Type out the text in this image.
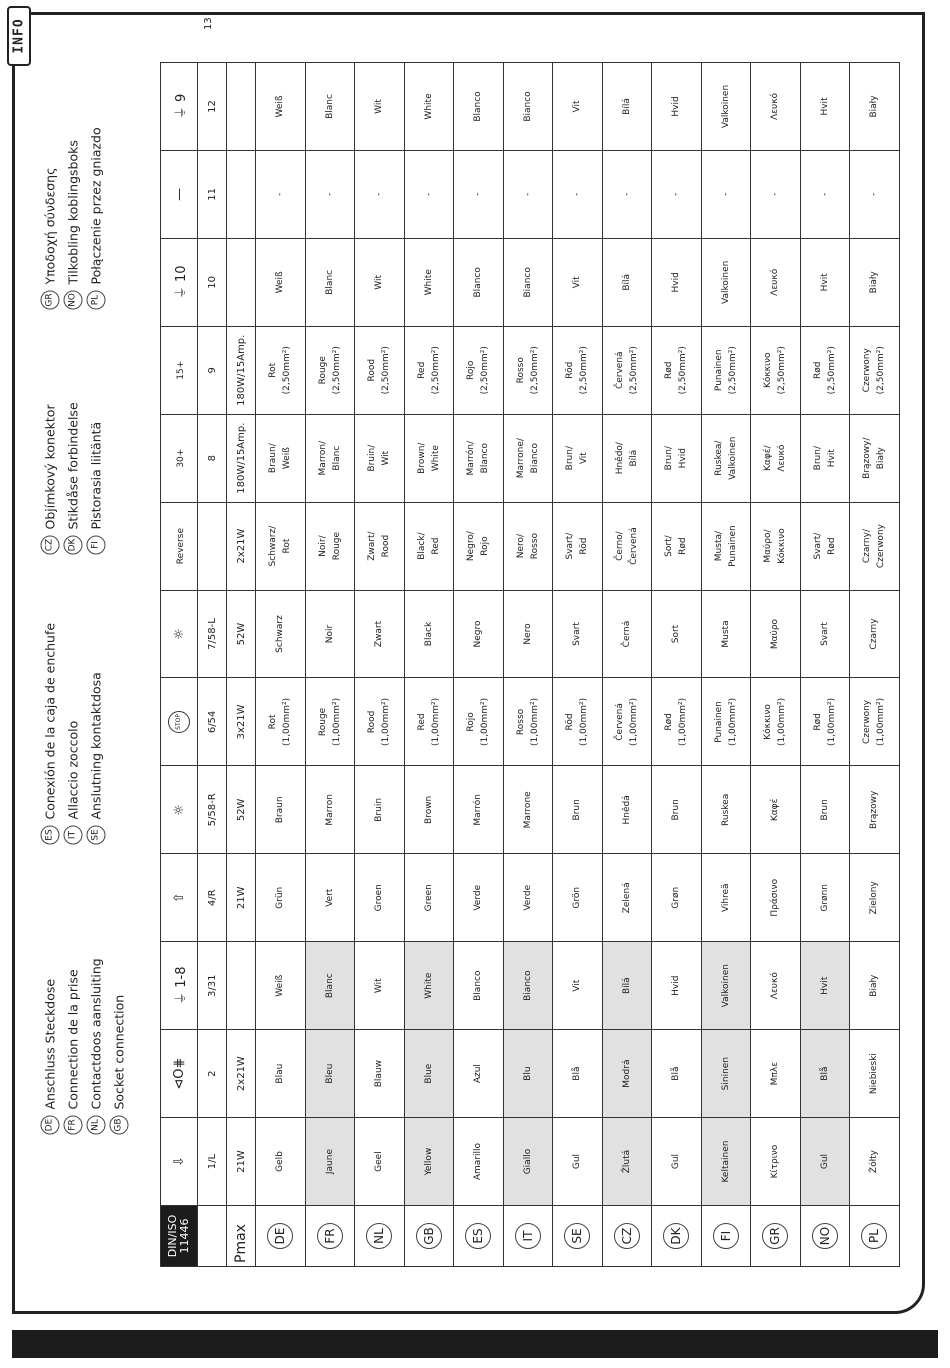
INFO	13
DE
Anschluss Steckdose
FR
Connection de la prise
NL
Contactdoos aansluiting
GB
Socket connection
ES
Conexión de la caja de enchufe
IT
Allaccio zoccolo
SE
Anslutning kontaktdosa
CZ
Objímkový konektor
DK
Stikdåse forbindelse
FI
Pistorasia liitäntä
GR
Υποδοχή σύνδεσης
NO
Tilkobling koblingsboks
PL
Połączenie przez gniazdo
DIN/ISO 11446	⇩	⊲O⋕	⏚ 1-8	⇧	☼	STOP	☼	Reverse	30+	15+	⏚ 10	—	⏚ 9
	1/L	2	3/31	4/R	5/58-R	6/54	7/58-L		8	9	10	11	12
Pmax	21W	2x21W		21W	52W	3x21W	52W	2x21W	180W/15Amp.	180W/15Amp.			
DE	Gelb	Blau	Weiß	Grün	Braun	Rot (1,00mm²)	Schwarz	Schwarz/ Rot	Braun/ Weiß	Rot (2,50mm²)	Weiß	-	Weiß

FR	Jaune	Bleu	Blanc	Vert	Marron	Rouge (1,00mm²)	Noir	Noir/ Rouge	Marron/ Blanc	Rouge (2,50mm²)	Blanc	-	Blanc

NL	Geel	Blauw	Wit	Groen	Bruin	Rood (1,00mm²)	Zwart	Zwart/ Rood	Bruin/ Wit	Rood (2,50mm²)	Wit	-	Wit

GB	Yellow	Blue	White	Green	Brown	Red (1,00mm²)	Black	Black/ Red	Brown/ White	Red (2,50mm²)	White	-	White

ES	Amarillo	Azul	Blanco	Verde	Marrón	Rojo (1,00mm²)	Negro	Negro/ Rojo	Marrón/ Blanco	Rojo (2,50mm²)	Blanco	-	Blanco

IT	Giallo	Blu	Bianco	Verde	Marrone	Rosso (1,00mm²)	Nero	Nero/ Rosso	Marrone/ Bianco	Rosso (2,50mm²)	Bianco	-	Bianco

SE	Gul	Blå	Vit	Grön	Brun	Röd (1,00mm²)	Svart	Svart/ Röd	Brun/ Vit	Röd (2,50mm²)	Vit	-	Vit

CZ	Žlutá	Modrá	Bílá	Zelená	Hnědá	Červená (1,00mm²)	Černá	Černo/ Červená	Hnědo/ Bílá	Červená (2,50mm²)	Bílá	-	Bílá

DK	Gul	Blå	Hvid	Grøn	Brun	Rød (1,00mm²)	Sort	Sort/ Rød	Brun/ Hvid	Rød (2,50mm²)	Hvid	-	Hvid

FI	Keltainen	Sininen	Valkoinen	Vihreä	Ruskea	Punainen (1,00mm²)	Musta	Musta/ Punainen	Ruskea/ Valkoinen	Punainen (2,50mm²)	Valkoinen	-	Valkoinen

GR	Κίτρινο	Μπλε	Λευκό	Πράσινο	Καφέ	Κόκκινο (1,00mm²)	Μαύρο	Μαύρο/ Κόκκινο	Καφέ/ Λευκό	Κόκκινο (2,50mm²)	Λευκό	-	Λευκό

NO	Gul	Blå	Hvit	Grønn	Brun	Rød (1,00mm²)	Svart	Svart/ Rød	Brun/ Hvit	Rød (2,50mm²)	Hvit	-	Hvit

PL	Żółty	Niebieski	Biały	Zielony	Brązowy	Czerwony (1,00mm²)	Czarny	Czarny/ Czerwony	Brązowy/ Biały	Czerwony (2,50mm²)	Biały	-	Biały
